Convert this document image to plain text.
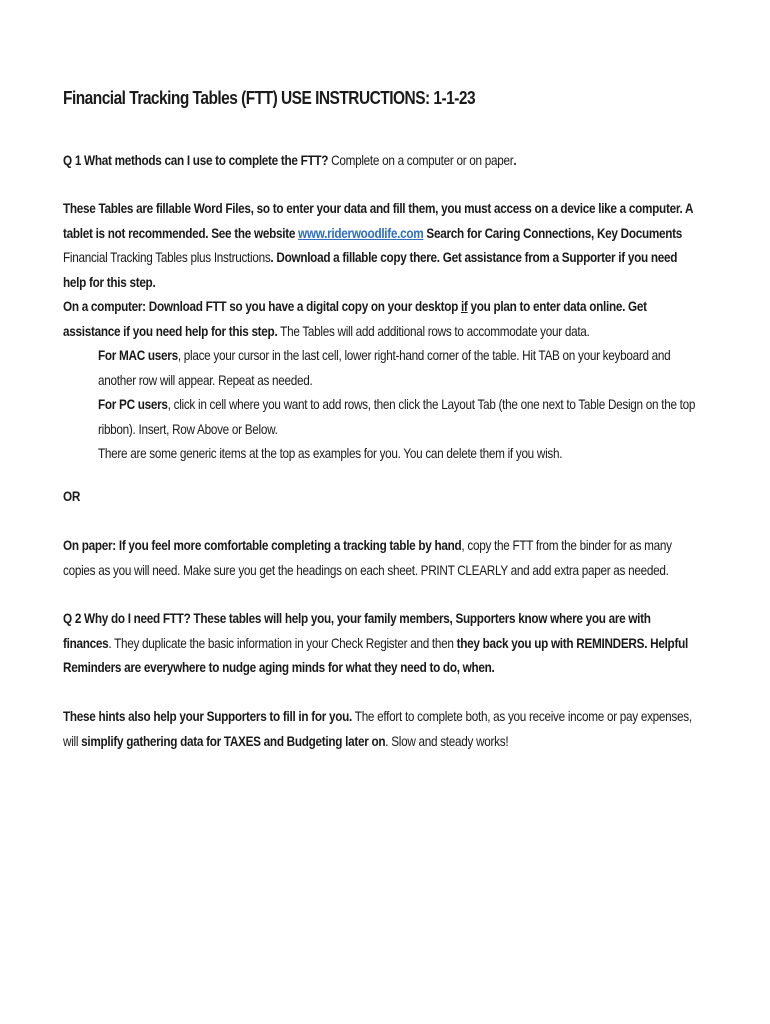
Financial Tracking Tables (FTT) USE INSTRUCTIONS: 1-1-23
Q 1 What methods can I use to complete the FTT? Complete on a computer or on paper.
These Tables are fillable Word Files, so to enter your data and fill them, you must access on a device like a computer. A tablet is not recommended. See the website www.riderwoodlife.com Search for Caring Connections, Key Documents Financial Tracking Tables plus Instructions. Download a fillable copy there. Get assistance from a Supporter if you need help for this step.
On a computer: Download FTT so you have a digital copy on your desktop if you plan to enter data online. Get assistance if you need help for this step. The Tables will add additional rows to accommodate your data.
For MAC users, place your cursor in the last cell, lower right-hand corner of the table. Hit TAB on your keyboard and another row will appear. Repeat as needed.
For PC users, click in cell where you want to add rows, then click the Layout Tab (the one next to Table Design on the top ribbon). Insert, Row Above or Below.
There are some generic items at the top as examples for you. You can delete them if you wish.
OR
On paper: If you feel more comfortable completing a tracking table by hand, copy the FTT from the binder for as many copies as you will need. Make sure you get the headings on each sheet. PRINT CLEARLY and add extra paper as needed.
Q 2 Why do I need FTT? These tables will help you, your family members, Supporters know where you are with finances. They duplicate the basic information in your Check Register and then they back you up with REMINDERS. Helpful Reminders are everywhere to nudge aging minds for what they need to do, when.
These hints also help your Supporters to fill in for you. The effort to complete both, as you receive income or pay expenses, will simplify gathering data for TAXES and Budgeting later on. Slow and steady works!
